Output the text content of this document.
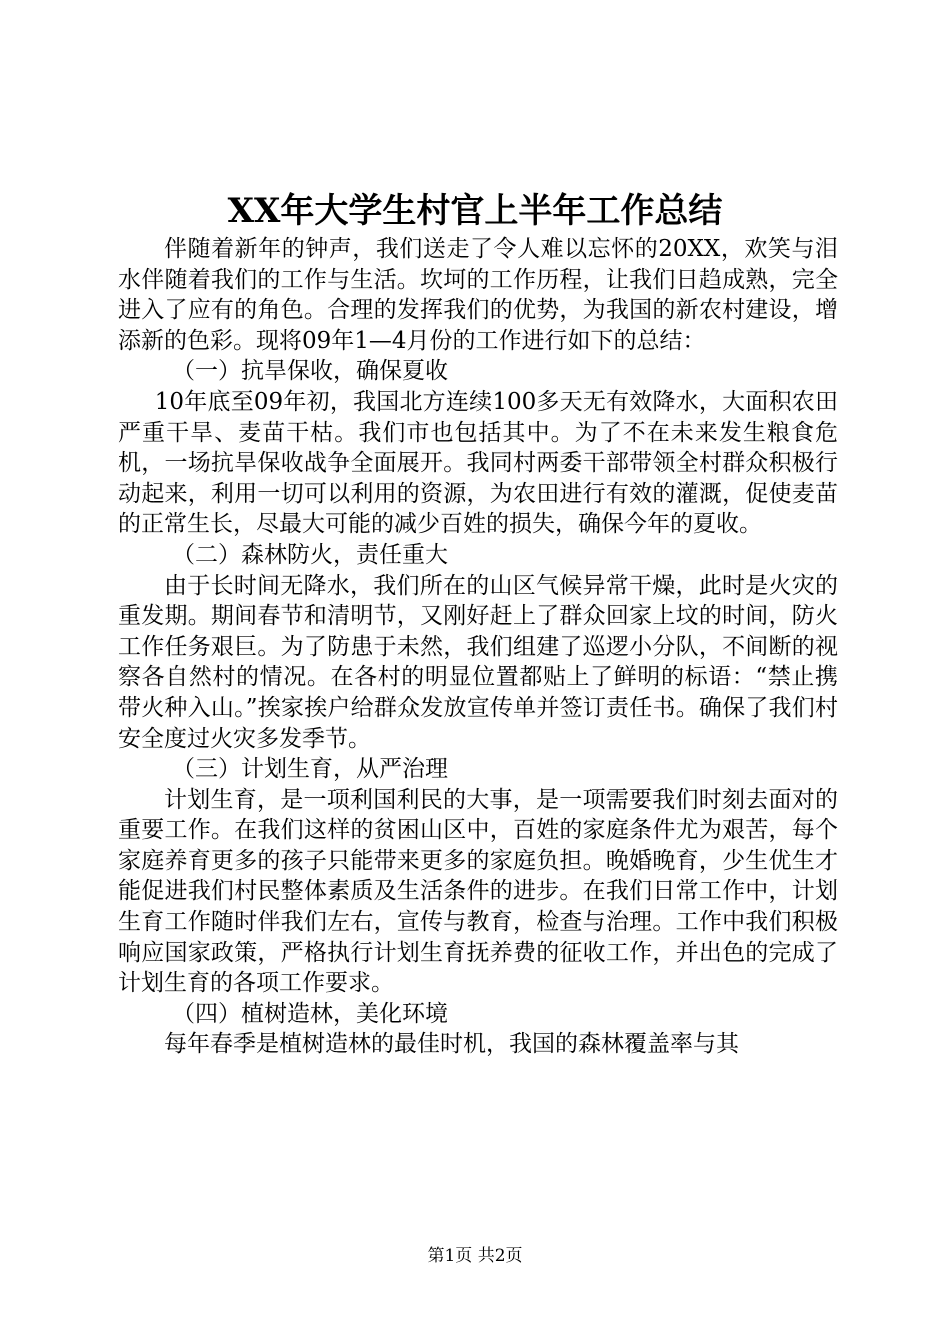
XX年大学生村官上半年工作总结

伴随着新年的钟声，我们送走了令人难以忘怀的20XX，欢笑与泪水伴随着我们的工作与生活。坎坷的工作历程，让我们日趋成熟，完全进入了应有的角色。合理的发挥我们的优势，为我国的新农村建设，增添新的色彩。现将09年1—4月份的工作进行如下的总结：

（一）抗旱保收，确保夏收

10年底至09年初，我国北方连续100多天无有效降水，大面积农田严重干旱、麦苗干枯。我们市也包括其中。为了不在未来发生粮食危机，一场抗旱保收战争全面展开。我同村两委干部带领全村群众积极行动起来，利用一切可以利用的资源，为农田进行有效的灌溉，促使麦苗的正常生长，尽最大可能的减少百姓的损失，确保今年的夏收。

（二）森林防火，责任重大

由于长时间无降水，我们所在的山区气候异常干燥，此时是火灾的重发期。期间春节和清明节，又刚好赶上了群众回家上坟的时间，防火工作任务艰巨。为了防患于未然，我们组建了巡逻小分队，不间断的视察各自然村的情况。在各村的明显位置都贴上了鲜明的标语：“禁止携带火种入山。”挨家挨户给群众发放宣传单并签订责任书。确保了我们村安全度过火灾多发季节。

（三）计划生育，从严治理

计划生育，是一项利国利民的大事，是一项需要我们时刻去面对的重要工作。在我们这样的贫困山区中，百姓的家庭条件尤为艰苦，每个家庭养育更多的孩子只能带来更多的家庭负担。晚婚晚育，少生优生才能促进我们村民整体素质及生活条件的进步。在我们日常工作中，计划生育工作随时伴我们左右，宣传与教育，检查与治理。工作中我们积极响应国家政策，严格执行计划生育抚养费的征收工作，并出色的完成了计划生育的各项工作要求。

（四）植树造林，美化环境

每年春季是植树造林的最佳时机，我国的森林覆盖率与其

第1页 共2页
